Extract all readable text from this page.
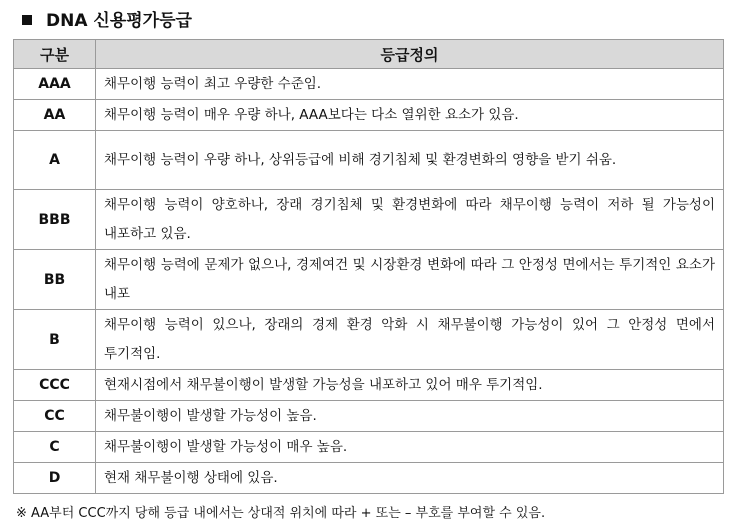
DNA 신용평가등급
구분	등급정의
AAA	채무이행 능력이 최고 우량한 수준임.
AA	채무이행 능력이 매우 우량 하나, AAA보다는 다소 열위한 요소가 있음.
A	채무이행 능력이 우량 하나, 상위등급에 비해 경기침체 및 환경변화의 영향을 받기 쉬움.
BBB	채무이행 능력이 양호하나, 장래 경기침체 및 환경변화에 따라 채무이행 능력이 저하 될 가능성이 내포하고 있음.
BB	채무이행 능력에 문제가 없으나, 경제여건 및 시장환경 변화에 따라 그 안정성 면에서는 투기적인 요소가 내포
B	채무이행 능력이 있으나, 장래의 경제 환경 악화 시 채무불이행 가능성이 있어 그 안정성 면에서 투기적임.
CCC	현재시점에서 채무불이행이 발생할 가능성을 내포하고 있어 매우 투기적임.
CC	채무불이행이 발생할 가능성이 높음.
C	채무불이행이 발생할 가능성이 매우 높음.
D	현재 채무불이행 상태에 있음.
※ AA부터 CCC까지 당해 등급 내에서는 상대적 위치에 따라 + 또는 – 부호를 부여할 수 있음.
